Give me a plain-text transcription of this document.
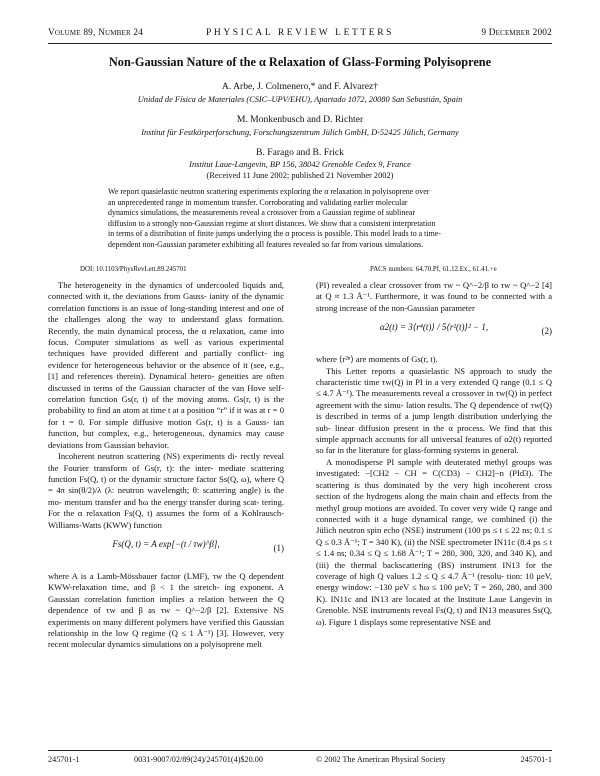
Volume 89, Number 24	PHYSICAL REVIEW LETTERS	9 December 2002
Non-Gaussian Nature of the α Relaxation of Glass-Forming Polyisoprene
A. Arbe, J. Colmenero,* and F. Alvarez†
Unidad de Física de Materiales (CSIC–UPV/EHU), Apartado 1072, 20080 San Sebastián, Spain
M. Monkenbusch and D. Richter
Institut für Festkörperforschung, Forschungszentrum Jülich GmbH, D-52425 Jülich, Germany
B. Farago and B. Frick
Institut Laue-Langevin, BP 156, 38042 Grenoble Cedex 9, France
(Received 11 June 2002; published 21 November 2002)
We report quasielastic neutron scattering experiments exploring the α relaxation in polyisoprene over
an unprecedented range in momentum transfer. Corroborating and validating earlier molecular
dynamics simulations, the measurements reveal a crossover from a Gaussian regime of sublinear
diffusion to a strongly non-Gaussian regime at short distances. We show that a consistent interpretation
in terms of a distribution of finite jumps underlying the α process is possible. This model leads to a time-
dependent non-Gaussian parameter exhibiting all features revealed so far from various simulations.
DOI: 10.1103/PhysRevLett.89.245701	PACS numbers: 64.70.Pf, 61.12.Ex., 61.41.+e

The heterogeneity in the dynamics of undercooled liquids and, connected with it, the deviations from Gauss- ianity of the dynamic correlation functions is an issue of long-standing interest and one of the challenges along the way to understand glass formation. Recently, the main dynamical process, the α relaxation, came into focus. Computer simulations as well as various experimental techniques have provided different and partially conflict- ing evidence for heterogeneous behavior or the absence of it (see, e.g., [1] and references therein). Dynamical hetero- geneities are often discussed in terms of the Gaussian character of the van Hove self-correlation function Gs(r, t) of the moving atoms. Gs(r, t) is the probability to find an atom at time t at a position “r” if it was at r = 0 for t = 0. For simple diffusive motion Gs(r, t) is a Gauss- ian function, but complex, e.g., heterogeneous, dynamics may cause deviations from Gaussian behavior.

Incoherent neutron scattering (NS) experiments di- rectly reveal the Fourier transform of Gs(r, t): the inter- mediate scattering function Fs(Q, t) or the dynamic structure factor Ss(Q, ω), where Q = 4π sin(θ/2)/λ (λ: neutron wavelength; θ: scattering angle) is the mo- mentum transfer and ħω the energy transfer during scat- tering. For the α relaxation Fs(Q, t) assumes the form of a Kohlrausch-Williams-Watts (KWW) function

Fs(Q, t) = A exp[−(t / τw)^β],	(1)

where A is a Lamb-Mössbauer factor (LMF), τw the Q dependent KWW-relaxation time, and β < 1 the stretch- ing exponent. A Gaussian correlation function implies a relation between the Q dependence of τw and β as τw ~ Q^−2/β [2]. Extensive NS experiments on many different polymers have verified this Gaussian relationship in the low Q regime (Q ≤ 1 Å⁻¹) [3]. However, very recent molecular dynamics simulations on a polyisoprene melt

(PI) revealed a clear crossover from τw ~ Q^−2/β to τw ~ Q^−2 [4] at Q ≈ 1.3 Å⁻¹. Furthermore, it was found to be connected with a strong increase of the non-Gaussian parameter

α2(t) = 3⟨r⁴(t)⟩ / 5⟨r²(t)⟩² − 1,	(2)

where ⟨r²ⁿ⟩ are moments of Gs(r, t).

This Letter reports a quasielastic NS approach to study the characteristic time τw(Q) in PI in a very extended Q range (0.1 ≤ Q ≤ 4.7 Å⁻¹). The measurements reveal a crossover in τw(Q) in perfect agreement with the simu- lation results. The Q dependence of τw(Q) is described in terms of a jump length distribution underlying the sub- linear diffusion present in the α process. We find that this simple approach accounts for all universal features of α2(t) reported so far in the literature for glass-forming systems in general.

A monodisperse PI sample with deuterated methyl groups was investigated: −[CH2 − CH = C(CD3) − CH2]−n (PId3). The scattering is thus dominated by the very high incoherent cross section of the hydrogens along the main chain and effects from the methyl group motions are avoided. To cover very wide Q range and connected with it a huge dynamical range, we combined (i) the Jülich neutron spin echo (NSE) instrument (100 ps ≤ t ≤ 22 ns; 0.1 ≤ Q ≤ 0.3 Å⁻¹; T = 340 K), (ii) the NSE spectrometer IN11c (8.4 ps ≤ t ≤ 1.4 ns; 0.34 ≤ Q ≤ 1.68 Å⁻¹; T = 280, 300, 320, and 340 K), and (iii) the thermal backscattering (BS) instrument IN13 for the coverage of high Q values 1.2 ≤ Q ≤ 4.7 Å⁻¹ (resolu- tion: 10 μeV, energy window: −130 μeV ≤ ħω ≤ 100 μeV; T = 260, 280, and 300 K). IN11c and IN13 are located at the Institute Laue Langevin in Grenoble. NSE instruments reveal Fs(Q, t) and IN13 measures Ss(Q, ω). Figure 1 displays some representative NSE and

245701-1	0031-9007/02/89(24)/245701(4)$20.00	© 2002 The American Physical Society	245701-1
